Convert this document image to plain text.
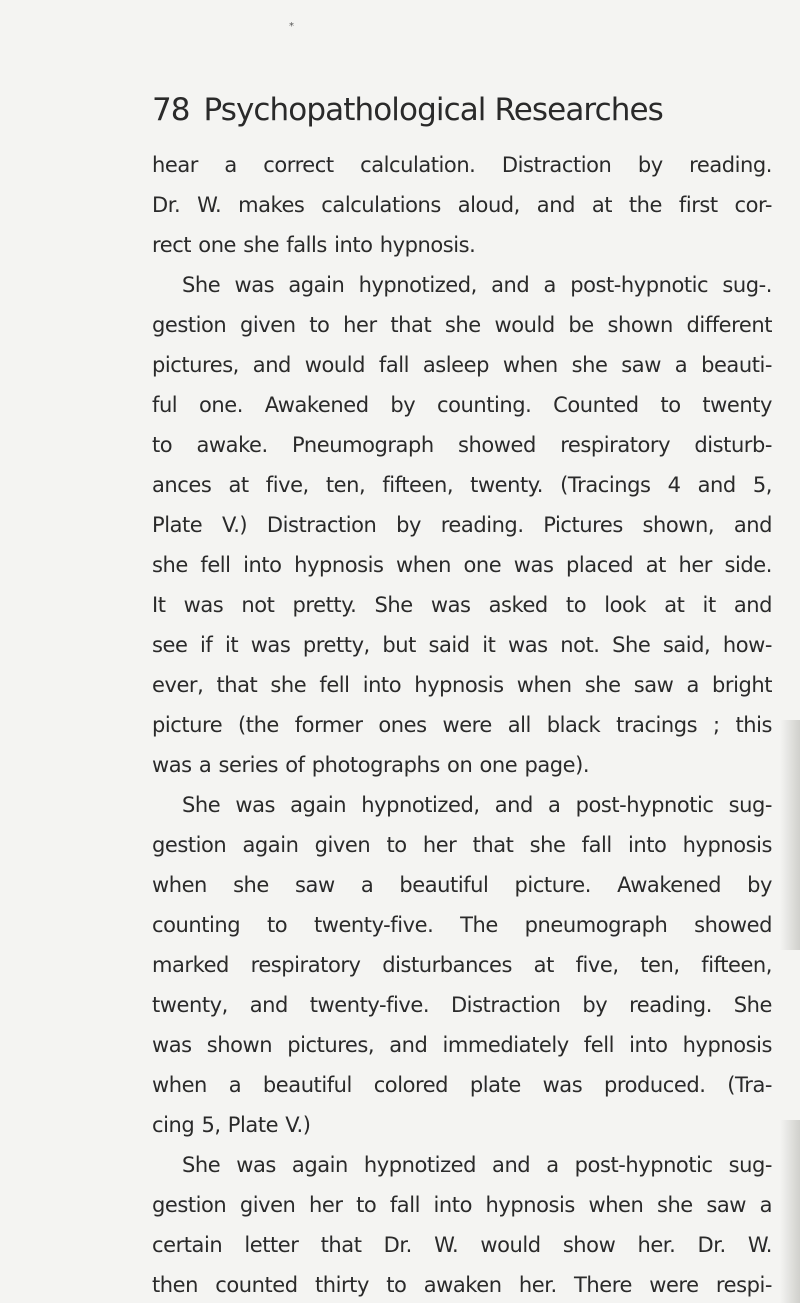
*
78 Psychopathological Researches
hear a correct calculation. Distraction by reading.
Dr. W. makes calculations aloud, and at the first cor-
rect one she falls into hypnosis.
She was again hypnotized, and a post-hypnotic sug-.
gestion given to her that she would be shown different
pictures, and would fall asleep when she saw a beauti-
ful one. Awakened by counting. Counted to twenty
to awake. Pneumograph showed respiratory disturb-
ances at five, ten, fifteen, twenty. (Tracings 4 and 5,
Plate V.) Distraction by reading. Pictures shown, and
she fell into hypnosis when one was placed at her side.
It was not pretty. She was asked to look at it and
see if it was pretty, but said it was not. She said, how-
ever, that she fell into hypnosis when she saw a bright
picture (the former ones were all black tracings ; this
was a series of photographs on one page).
She was again hypnotized, and a post-hypnotic sug-
gestion again given to her that she fall into hypnosis
when she saw a beautiful picture. Awakened by
counting to twenty-five. The pneumograph showed
marked respiratory disturbances at five, ten, fifteen,
twenty, and twenty-five. Distraction by reading. She
was shown pictures, and immediately fell into hypnosis
when a beautiful colored plate was produced. (Tra-
cing 5, Plate V.)
She was again hypnotized and a post-hypnotic sug-
gestion given her to fall into hypnosis when she saw a
certain letter that Dr. W. would show her. Dr. W.
then counted thirty to awaken her. There were respi-
